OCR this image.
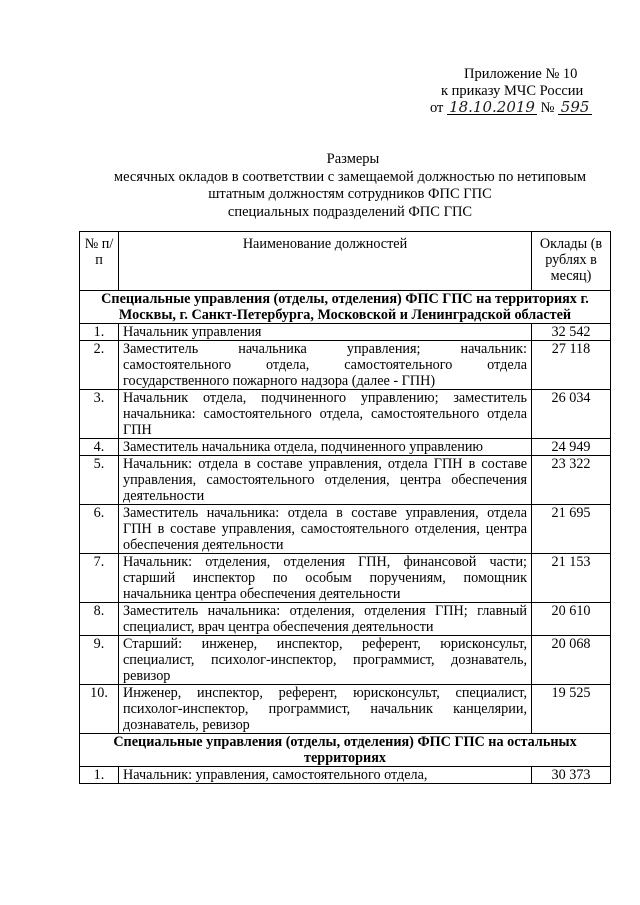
Приложение № 10
к приказу МЧС России
от 18.10.2019 № 595
Размеры
месячных окладов в соответствии с замещаемой должностью по нетиповым
штатным должностям сотрудников ФПС ГПС
специальных подразделений ФПС ГПС
№ п/п	Наименование должностей	Оклады (в рублях в месяц)
Специальные управления (отделы, отделения) ФПС ГПС на территориях г. Москвы, г. Санкт-Петербурга, Московской и Ленинградской областей		
1.	Начальник управления	32 542
2.	Заместитель начальника управления; начальник: самостоятельного отдела, самостоятельного отдела государственного пожарного надзора (далее - ГПН)	27 118
3.	Начальник отдела, подчиненного управлению; заместитель начальника: самостоятельного отдела, самостоятельного отдела ГПН	26 034
4.	Заместитель начальника отдела, подчиненного управлению	24 949
5.	Начальник: отдела в составе управления, отдела ГПН в составе управления, самостоятельного отделения, центра обеспечения деятельности	23 322
6.	Заместитель начальника: отдела в составе управления, отдела ГПН в составе управления, самостоятельного отделения, центра обеспечения деятельности	21 695
7.	Начальник: отделения, отделения ГПН, финансовой части; старший инспектор по особым поручениям, помощник начальника центра обеспечения деятельности	21 153
8.	Заместитель начальника: отделения, отделения ГПН; главный специалист, врач центра обеспечения деятельности	20 610
9.	Старший: инженер, инспектор, референт, юрисконсульт, специалист, психолог-инспектор, программист, дознаватель, ревизор	20 068
10.	Инженер, инспектор, референт, юрисконсульт, специалист, психолог-инспектор, программист, начальник канцелярии, дознаватель, ревизор	19 525
Специальные управления (отделы, отделения) ФПС ГПС на остальных территориях		
1.	Начальник: управления, самостоятельного отдела,	30 373
